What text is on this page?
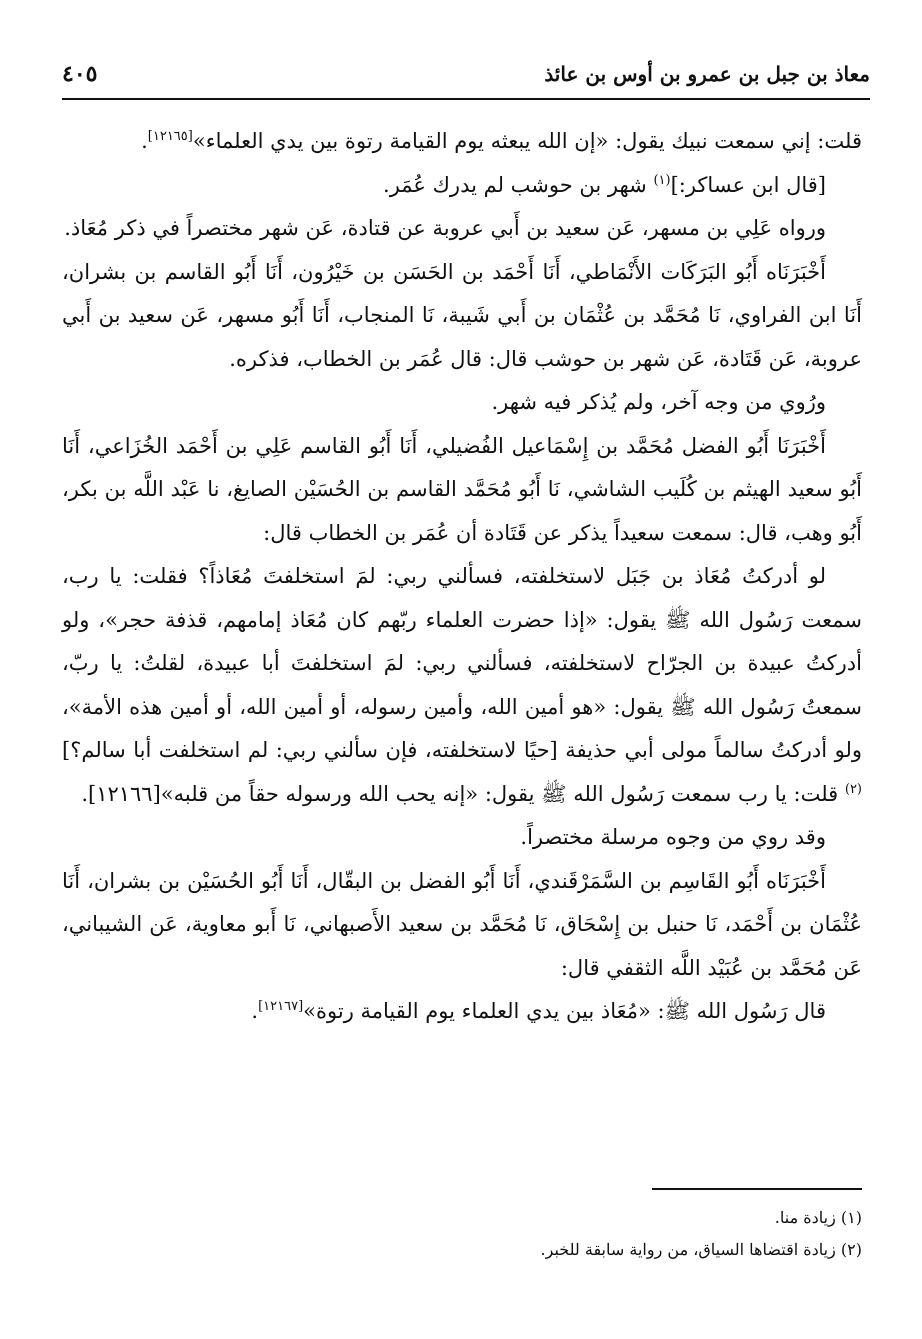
معاذ بن جبل بن عمرو بن أوس بن عائذ
٤٠٥

قلت: إني سمعت نبيك يقول: «إن الله يبعثه يوم القيامة رتوة بين يدي العلماء»[١٢١٦٥].

[قال ابن عساكر:]$^{(١)}$ شهر بن حوشب لم يدرك عُمَر.

ورواه عَلِي بن مسهر، عَن سعيد بن أَبي عروبة عن قتادة، عَن شهر مختصراً في ذكر مُعَاذ.

أَخْبَرَنَاه أَبُو البَرَكَات الأَنْمَاطي، أَنَا أَحْمَد بن الحَسَن بن خَيْرُون، أَنَا أَبُو القاسم بن بشران، أَنَا ابن الفراوي، نَا مُحَمَّد بن عُثْمَان بن أَبي شَيبة، نَا المنجاب، أَنَا أَبُو مسهر، عَن سعيد بن أَبي عروبة، عَن قَتَادة، عَن شهر بن حوشب قال: قال عُمَر بن الخطاب، فذكره.

ورُوي من وجه آخر، ولم يُذكر فيه شهر.

أَخْبَرَنَا أَبُو الفضل مُحَمَّد بن إِسْمَاعيل الفُضيلي، أَنَا أَبُو القاسم عَلِي بن أَحْمَد الخُزَاعي، أَنَا أَبُو سعيد الهيثم بن كُلَيب الشاشي، نَا أَبُو مُحَمَّد القاسم بن الحُسَيْن الصايغ، نا عَبْد اللَّه بن بكر، أَبُو وهب، قال: سمعت سعيداً يذكر عن قَتَادة أن عُمَر بن الخطاب قال:

لو أدركتُ مُعَاذ بن جَبَل لاستخلفته، فسألني ربي: لمَ استخلفتَ مُعَاذاً؟ فقلت: يا رب، سمعت رَسُول الله ﷺ يقول: «إذا حضرت العلماء ربّهم كان مُعَاذ إمامهم، قذفة حجر»، ولو أدركتُ عبيدة بن الجرّاح لاستخلفته، فسألني ربي: لمَ استخلفتَ أبا عبيدة، لقلتُ: يا ربّ، سمعتُ رَسُول الله ﷺ يقول: «هو أمين الله، وأمين رسوله، أو أمين الله، أو أمين هذه الأمة»، ولو أدركتُ سالماً مولى أبي حذيفة [حيًا لاستخلفته، فإن سألني ربي: لم استخلفت أبا سالم؟]$^{(٢)}$ قلت: يا رب سمعت رَسُول الله ﷺ يقول: «إنه يحب الله ورسوله حقاً من قلبه»[١٢١٦٦].

وقد روي من وجوه مرسلة مختصراً.

أَخْبَرَنَاه أَبُو القَاسِم بن السَّمَرْقَندي، أَنَا أَبُو الفضل بن البقّال، أَنَا أَبُو الحُسَيْن بن بشران، أَنَا عُثْمَان بن أَحْمَد، نَا حنبل بن إِسْحَاق، نَا مُحَمَّد بن سعيد الأَصبهاني، نَا أَبو معاوية، عَن الشيباني، عَن مُحَمَّد بن عُبَيْد اللَّه الثقفي قال:

قال رَسُول الله ﷺ: «مُعَاذ بين يدي العلماء يوم القيامة رتوة»[١٢١٦٧].

(١) زيادة منا.

(٢) زيادة اقتضاها السياق، من رواية سابقة للخبر.
